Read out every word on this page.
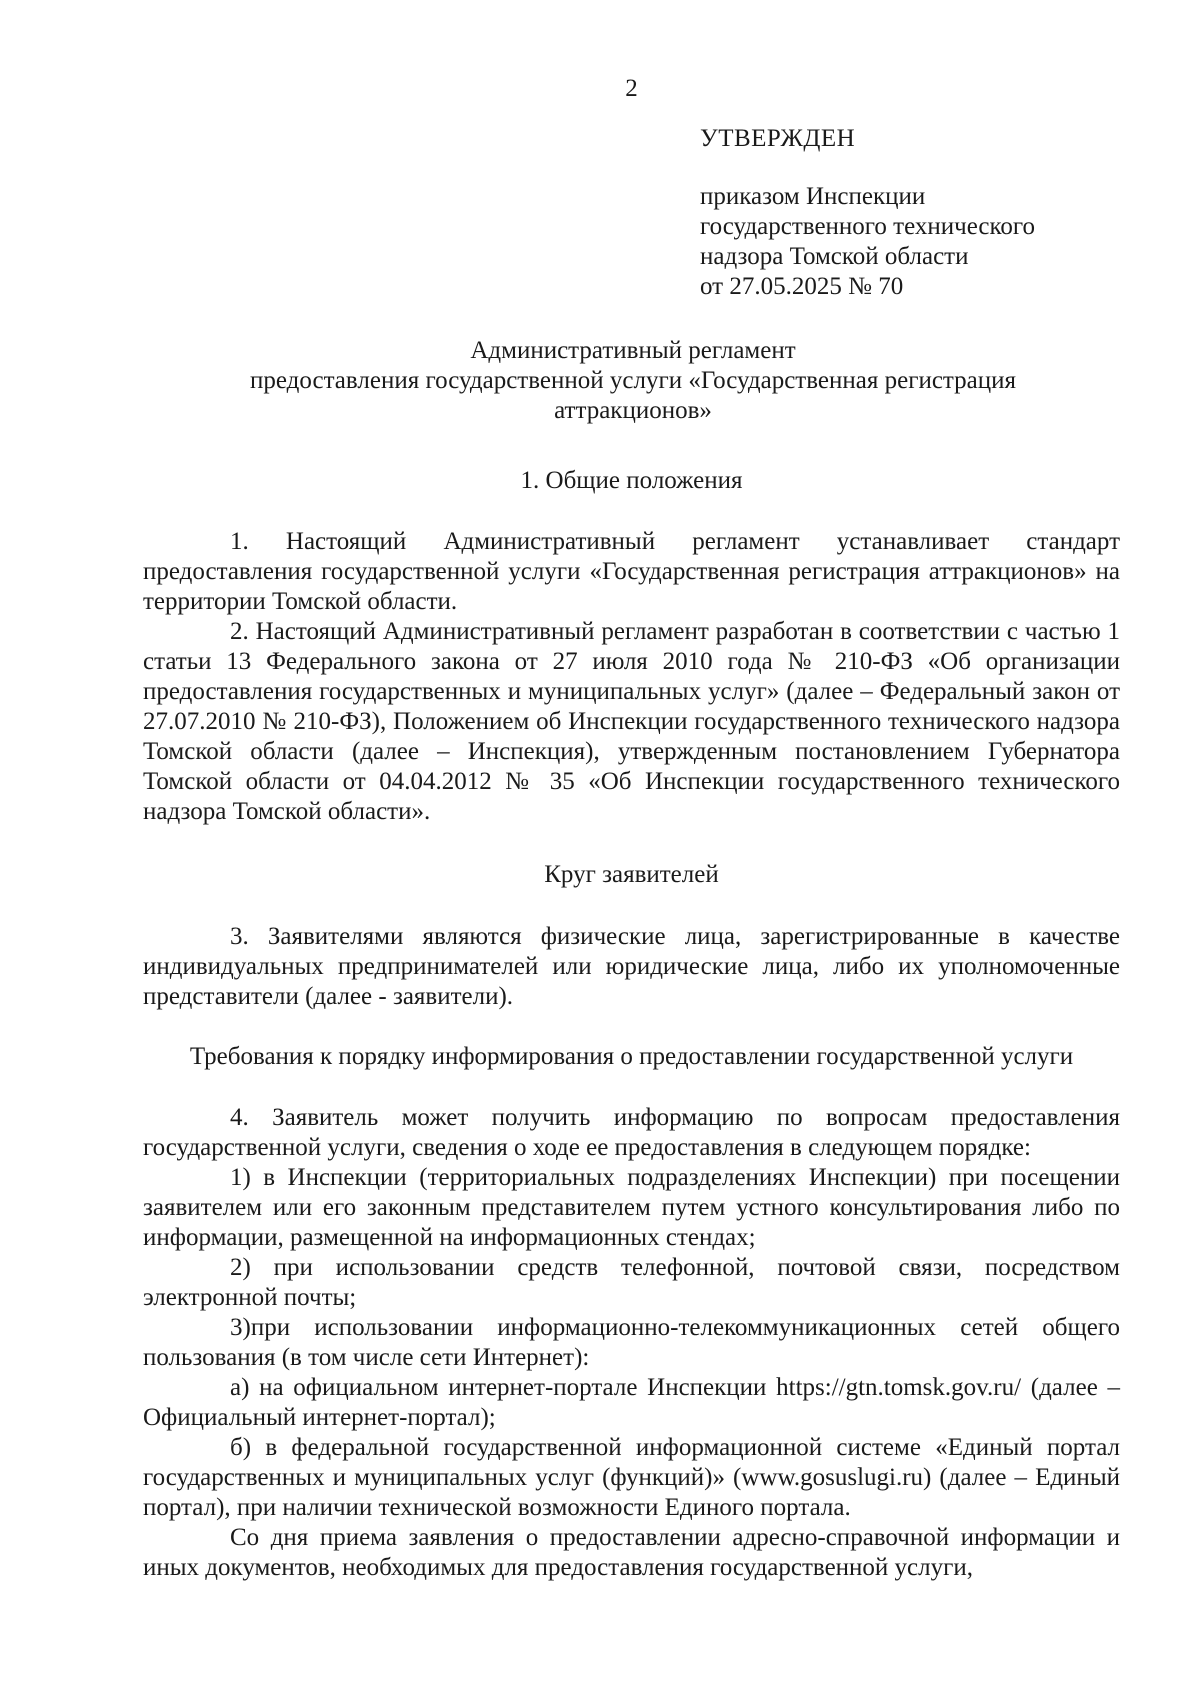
2
УТВЕРЖДЕН
приказом Инспекции
государственного технического
надзора Томской области
от 27.05.2025 № 70
Административный регламент
предоставления государственной услуги «Государственная регистрация
аттракционов»
1. Общие положения

1. Настоящий Административный регламент устанавливает стандарт предоставления государственной услуги «Государственная регистрация аттракционов» на территории Томской области.

2. Настоящий Административный регламент разработан в соответствии с частью 1 статьи 13 Федерального закона от 27 июля 2010 года № 210-ФЗ «Об организации предоставления государственных и муниципальных услуг» (далее – Федеральный закон от 27.07.2010 № 210-ФЗ), Положением об Инспекции государственного технического надзора Томской области (далее – Инспекция), утвержденным постановлением Губернатора Томской области от 04.04.2012 № 35 «Об Инспекции государственного технического надзора Томской области».

Круг заявителей

3. Заявителями являются физические лица, зарегистрированные в качестве индивидуальных предпринимателей или юридические лица, либо их уполномоченные представители (далее - заявители).

Требования к порядку информирования о предоставлении государственной услуги

4. Заявитель может получить информацию по вопросам предоставления государственной услуги, сведения о ходе ее предоставления в следующем порядке:

1) в Инспекции (территориальных подразделениях Инспекции) при посещении заявителем или его законным представителем путем устного консультирования либо по информации, размещенной на информационных стендах;

2) при использовании средств телефонной, почтовой связи, посредством электронной почты;

3)при использовании информационно-телекоммуникационных сетей общего пользования (в том числе сети Интернет):

а) на официальном интернет-портале Инспекции https://gtn.tomsk.gov.ru/ (далее – Официальный интернет-портал);

б) в федеральной государственной информационной системе «Единый портал государственных и муниципальных услуг (функций)» (www.gosuslugi.ru) (далее – Единый портал), при наличии технической возможности Единого портала.

Со дня приема заявления о предоставлении адресно-справочной информации и иных документов, необходимых для предоставления государственной услуги,
